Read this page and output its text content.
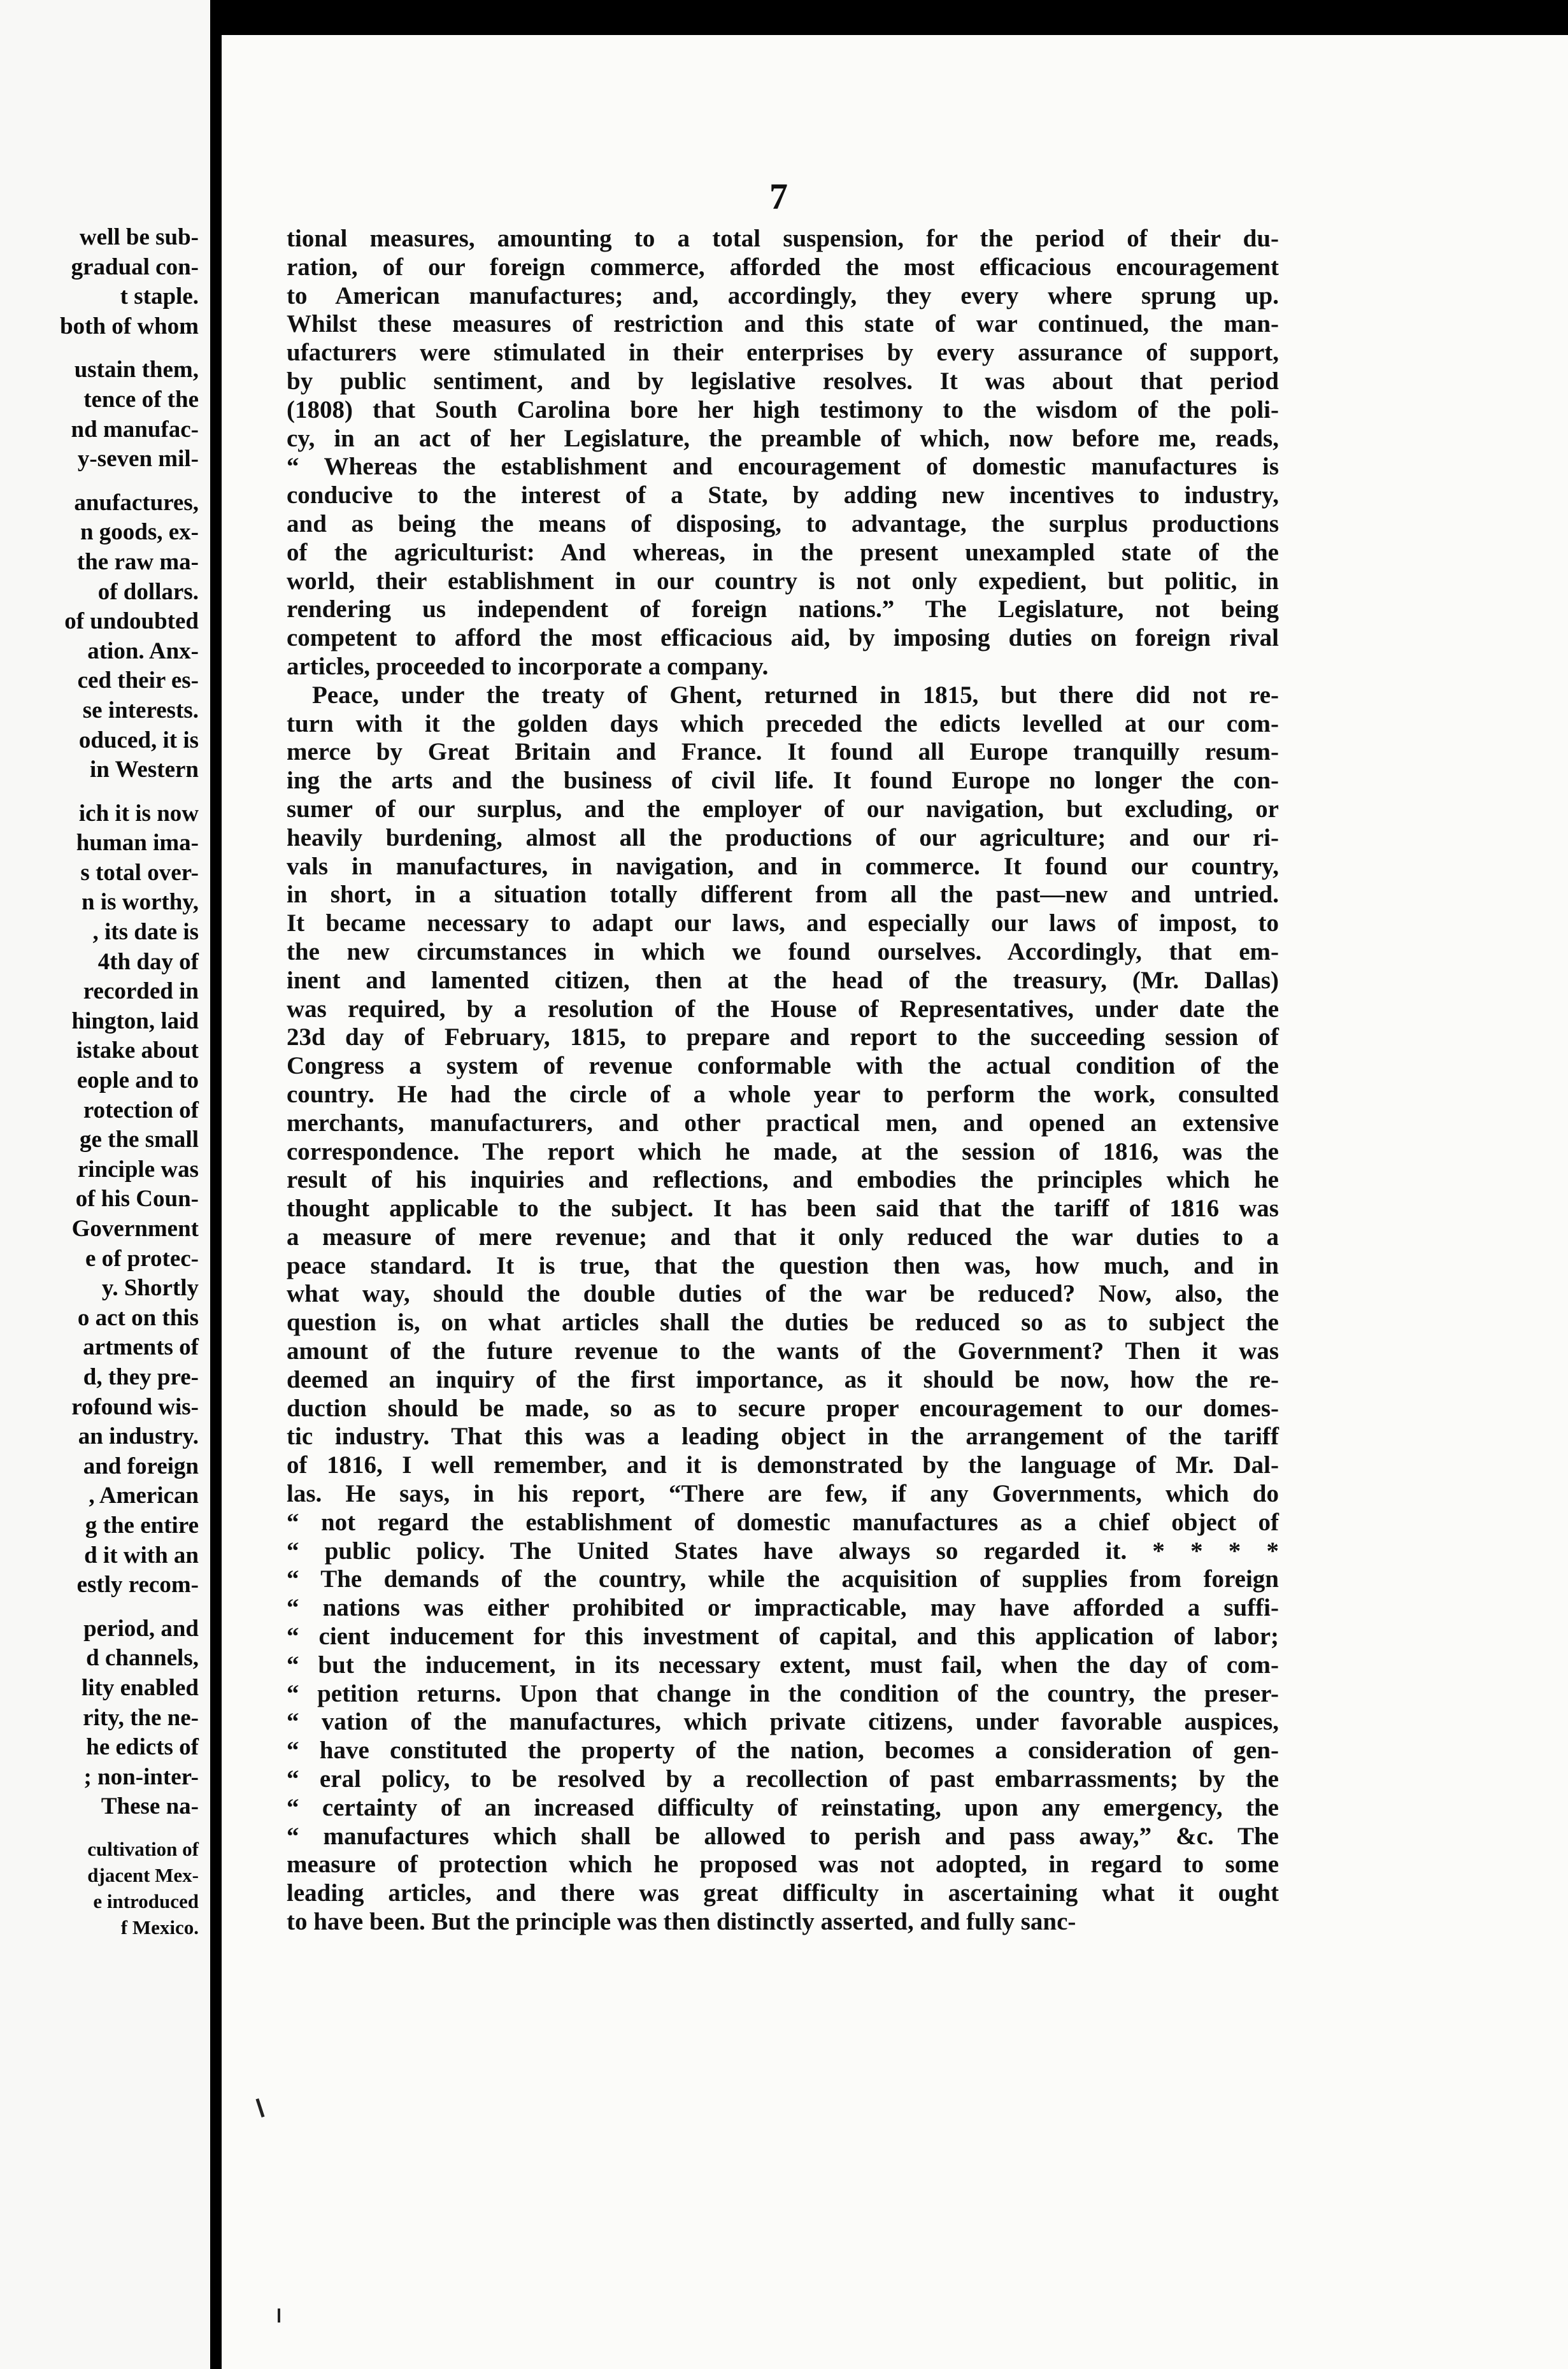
well be sub-
gradual con-
t staple.
both of whom
ustain them,
tence of the
nd manufac-
y-seven mil-
anufactures,
n goods, ex-
the raw ma-
of dollars.
of undoubted
ation. Anx-
ced their es-
se interests.
oduced, it is
in Western
ich it is now
human ima-
s total over-
n is worthy,
, its date is
4th day of
recorded in
hington, laid
istake about
eople and to
rotection of
ge the small
rinciple was
of his Coun-
Government
e of protec-
y. Shortly
o act on this
artments of
d, they pre-
rofound wis-
an industry.
and foreign
, American
g the entire
d it with an
estly recom-
period, and
d channels,
lity enabled
rity, the ne-
he edicts of
; non-inter-
These na-
cultivation of
djacent Mex-
e introduced
f Mexico.
7
tional measures, amounting to a total suspension, for the period of their du-
ration, of our foreign commerce, afforded the most efficacious encouragement
to American manufactures; and, accordingly, they every where sprung up.
Whilst these measures of restriction and this state of war continued, the man-
ufacturers were stimulated in their enterprises by every assurance of support,
by public sentiment, and by legislative resolves. It was about that period
(1808) that South Carolina bore her high testimony to the wisdom of the poli-
cy, in an act of her Legislature, the preamble of which, now before me, reads,
“ Whereas the establishment and encouragement of domestic manufactures is
conducive to the interest of a State, by adding new incentives to industry,
and as being the means of disposing, to advantage, the surplus productions
of the agriculturist: And whereas, in the present unexampled state of the
world, their establishment in our country is not only expedient, but politic, in
rendering us independent of foreign nations.” The Legislature, not being
competent to afford the most efficacious aid, by imposing duties on foreign rival
articles, proceeded to incorporate a company.
Peace, under the treaty of Ghent, returned in 1815, but there did not re-
turn with it the golden days which preceded the edicts levelled at our com-
merce by Great Britain and France. It found all Europe tranquilly resum-
ing the arts and the business of civil life. It found Europe no longer the con-
sumer of our surplus, and the employer of our navigation, but excluding, or
heavily burdening, almost all the productions of our agriculture; and our ri-
vals in manufactures, in navigation, and in commerce. It found our country,
in short, in a situation totally different from all the past—new and untried.
It became necessary to adapt our laws, and especially our laws of impost, to
the new circumstances in which we found ourselves. Accordingly, that em-
inent and lamented citizen, then at the head of the treasury, (Mr. Dallas)
was required, by a resolution of the House of Representatives, under date the
23d day of February, 1815, to prepare and report to the succeeding session of
Congress a system of revenue conformable with the actual condition of the
country. He had the circle of a whole year to perform the work, consulted
merchants, manufacturers, and other practical men, and opened an extensive
correspondence. The report which he made, at the session of 1816, was the
result of his inquiries and reflections, and embodies the principles which he
thought applicable to the subject. It has been said that the tariff of 1816 was
a measure of mere revenue; and that it only reduced the war duties to a
peace standard. It is true, that the question then was, how much, and in
what way, should the double duties of the war be reduced? Now, also, the
question is, on what articles shall the duties be reduced so as to subject the
amount of the future revenue to the wants of the Government? Then it was
deemed an inquiry of the first importance, as it should be now, how the re-
duction should be made, so as to secure proper encouragement to our domes-
tic industry. That this was a leading object in the arrangement of the tariff
of 1816, I well remember, and it is demonstrated by the language of Mr. Dal-
las. He says, in his report, “There are few, if any Governments, which do
“ not regard the establishment of domestic manufactures as a chief object of
“ public policy. The United States have always so regarded it. * * * *
“ The demands of the country, while the acquisition of supplies from foreign
“ nations was either prohibited or impracticable, may have afforded a suffi-
“ cient inducement for this investment of capital, and this application of labor;
“ but the inducement, in its necessary extent, must fail, when the day of com-
“ petition returns. Upon that change in the condition of the country, the preser-
“ vation of the manufactures, which private citizens, under favorable auspices,
“ have constituted the property of the nation, becomes a consideration of gen-
“ eral policy, to be resolved by a recollection of past embarrassments; by the
“ certainty of an increased difficulty of reinstating, upon any emergency, the
“ manufactures which shall be allowed to perish and pass away,” &c. The
measure of protection which he proposed was not adopted, in regard to some
leading articles, and there was great difficulty in ascertaining what it ought
to have been. But the principle was then distinctly asserted, and fully sanc-
